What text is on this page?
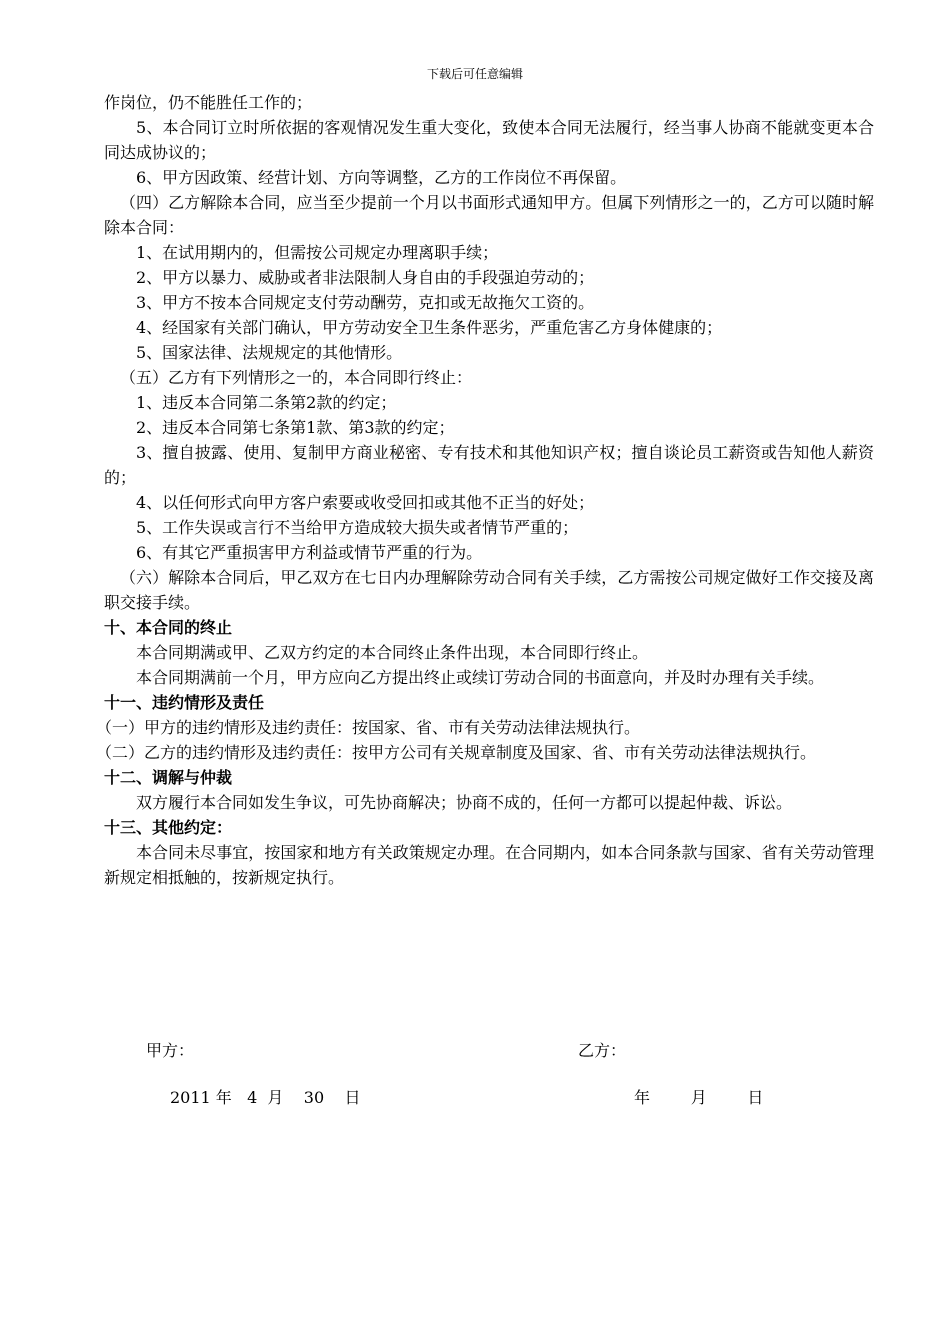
下载后可任意编辑

作岗位，仍不能胜任工作的；

5、本合同订立时所依据的客观情况发生重大变化，致使本合同无法履行，经当事人协商不能就变更本合同达成协议的；

6、甲方因政策、经营计划、方向等调整，乙方的工作岗位不再保留。

（四）乙方解除本合同，应当至少提前一个月以书面形式通知甲方。但属下列情形之一的，乙方可以随时解除本合同：

1、在试用期内的，但需按公司规定办理离职手续；

2、甲方以暴力、威胁或者非法限制人身自由的手段强迫劳动的；

3、甲方不按本合同规定支付劳动酬劳，克扣或无故拖欠工资的。

4、经国家有关部门确认，甲方劳动安全卫生条件恶劣，严重危害乙方身体健康的；

5、国家法律、法规规定的其他情形。

（五）乙方有下列情形之一的，本合同即行终止：

1、违反本合同第二条第2款的约定；

2、违反本合同第七条第1款、第3款的约定；

3、擅自披露、使用、复制甲方商业秘密、专有技术和其他知识产权；擅自谈论员工薪资或告知他人薪资的；

4、以任何形式向甲方客户索要或收受回扣或其他不正当的好处；

5、工作失误或言行不当给甲方造成较大损失或者情节严重的；

6、有其它严重损害甲方利益或情节严重的行为。

（六）解除本合同后，甲乙双方在七日内办理解除劳动合同有关手续，乙方需按公司规定做好工作交接及离职交接手续。

十、本合同的终止

本合同期满或甲、乙双方约定的本合同终止条件出现，本合同即行终止。

本合同期满前一个月，甲方应向乙方提出终止或续订劳动合同的书面意向，并及时办理有关手续。

十一、违约情形及责任

（一）甲方的违约情形及违约责任：按国家、省、市有关劳动法律法规执行。

（二）乙方的违约情形及违约责任：按甲方公司有关规章制度及国家、省、市有关劳动法律法规执行。

十二、调解与仲裁

双方履行本合同如发生争议，可先协商解决；协商不成的，任何一方都可以提起仲裁、诉讼。

十三、其他约定：

本合同未尽事宜，按国家和地方有关政策规定办理。在合同期内，如本合同条款与国家、省有关劳动管理新规定相抵触的，按新规定执行。

甲方：	乙方：
2011 年   4  月    30    日	年        月        日
